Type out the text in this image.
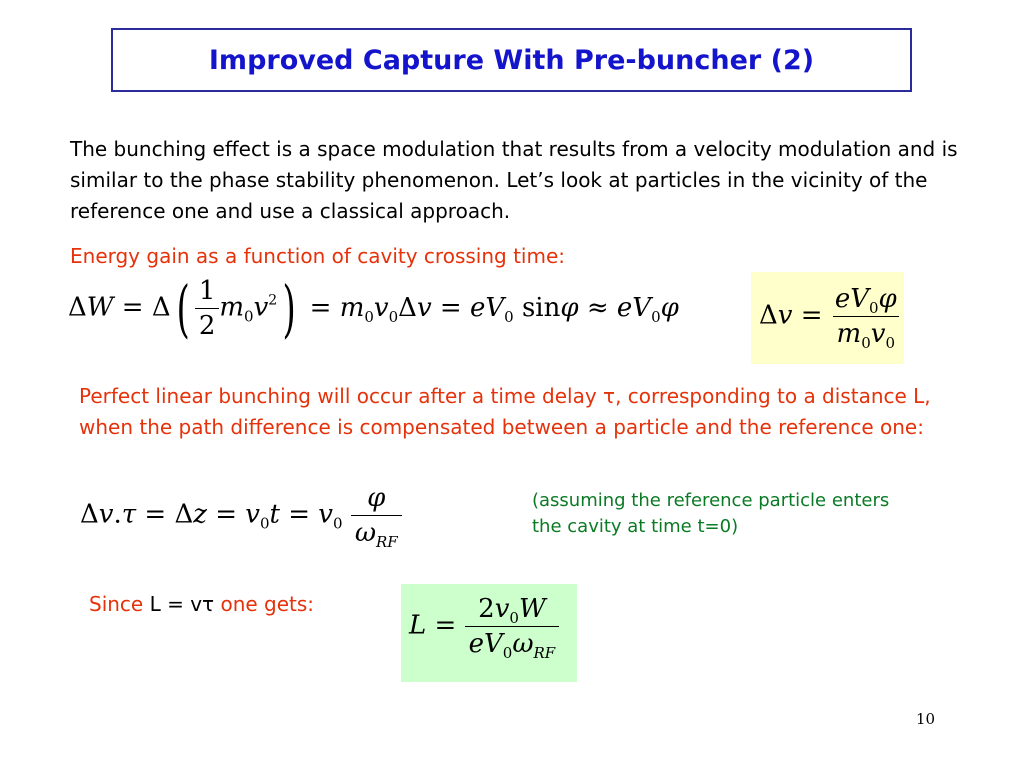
Improved Capture With Pre-buncher (2)
The bunching effect is a space modulation that results from a velocity modulation and is similar to the phase stability phenomenon. Let’s look at particles in the vicinity of the reference one and use a classical approach.
Energy gain as a function of cavity crossing time:
$\Delta W = \Delta( \frac{1}{2} m_0v^2) = m_0v_0\Delta v = eV_0$ $\sin\varphi \approx eV_0\varphi$	$\Delta v = \frac{eV_0\varphi}{m_0v_0}$
Perfect linear bunching will occur after a time delay τ, corresponding to a distance L, when the path difference is compensated between a particle and the reference one:
$\Delta v.\tau = \Delta z = v_0t = v_0 \frac{\varphi}{\omega_{RF}}$	(assuming the reference particle enters the cavity at time t=0)
Since L = vτ one gets:
$L = \frac{2v_0W}{eV_0\omega_{RF}}$
10
